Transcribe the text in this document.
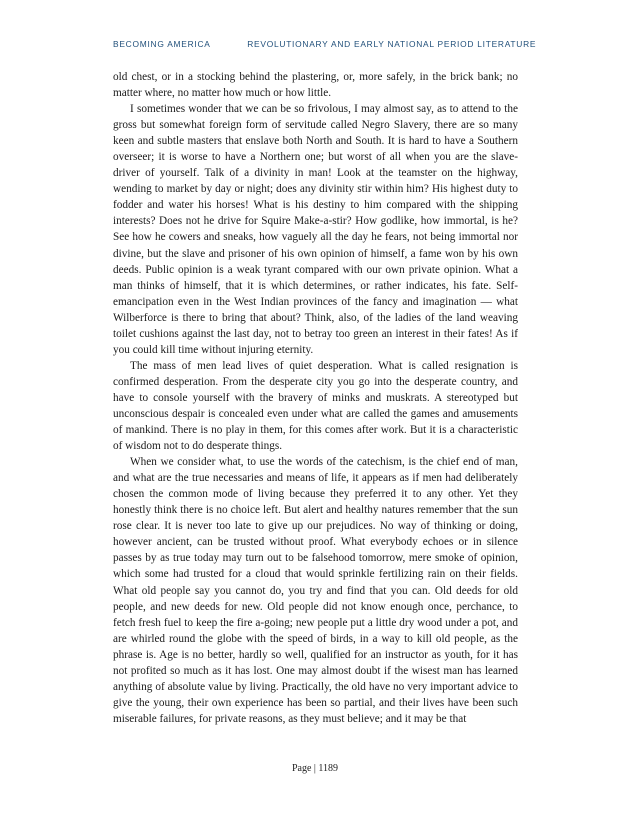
BECOMING AMERICA	REVOLUTIONARY AND EARLY NATIONAL PERIOD LITERATURE

old chest, or in a stocking behind the plastering, or, more safely, in the brick bank; no matter where, no matter how much or how little.

I sometimes wonder that we can be so frivolous, I may almost say, as to attend to the gross but somewhat foreign form of servitude called Negro Slavery, there are so many keen and subtle masters that enslave both North and South. It is hard to have a Southern overseer; it is worse to have a Northern one; but worst of all when you are the slave-driver of yourself. Talk of a divinity in man! Look at the teamster on the highway, wending to market by day or night; does any divinity stir within him? His highest duty to fodder and water his horses! What is his destiny to him compared with the shipping interests? Does not he drive for Squire Make-a-stir? How godlike, how immortal, is he? See how he cowers and sneaks, how vaguely all the day he fears, not being immortal nor divine, but the slave and prisoner of his own opinion of himself, a fame won by his own deeds. Public opinion is a weak tyrant compared with our own private opinion. What a man thinks of himself, that it is which determines, or rather indicates, his fate. Self-emancipation even in the West Indian provinces of the fancy and imagination — what Wilberforce is there to bring that about? Think, also, of the ladies of the land weaving toilet cushions against the last day, not to betray too green an interest in their fates! As if you could kill time without injuring eternity.

The mass of men lead lives of quiet desperation. What is called resignation is confirmed desperation. From the desperate city you go into the desperate country, and have to console yourself with the bravery of minks and muskrats. A stereotyped but unconscious despair is concealed even under what are called the games and amusements of mankind. There is no play in them, for this comes after work. But it is a characteristic of wisdom not to do desperate things.

When we consider what, to use the words of the catechism, is the chief end of man, and what are the true necessaries and means of life, it appears as if men had deliberately chosen the common mode of living because they preferred it to any other. Yet they honestly think there is no choice left. But alert and healthy natures remember that the sun rose clear. It is never too late to give up our prejudices. No way of thinking or doing, however ancient, can be trusted without proof. What everybody echoes or in silence passes by as true today may turn out to be falsehood tomorrow, mere smoke of opinion, which some had trusted for a cloud that would sprinkle fertilizing rain on their fields. What old people say you cannot do, you try and find that you can. Old deeds for old people, and new deeds for new. Old people did not know enough once, perchance, to fetch fresh fuel to keep the fire a-going; new people put a little dry wood under a pot, and are whirled round the globe with the speed of birds, in a way to kill old people, as the phrase is. Age is no better, hardly so well, qualified for an instructor as youth, for it has not profited so much as it has lost. One may almost doubt if the wisest man has learned anything of absolute value by living. Practically, the old have no very important advice to give the young, their own experience has been so partial, and their lives have been such miserable failures, for private reasons, as they must believe; and it may be that

Page | 1189
